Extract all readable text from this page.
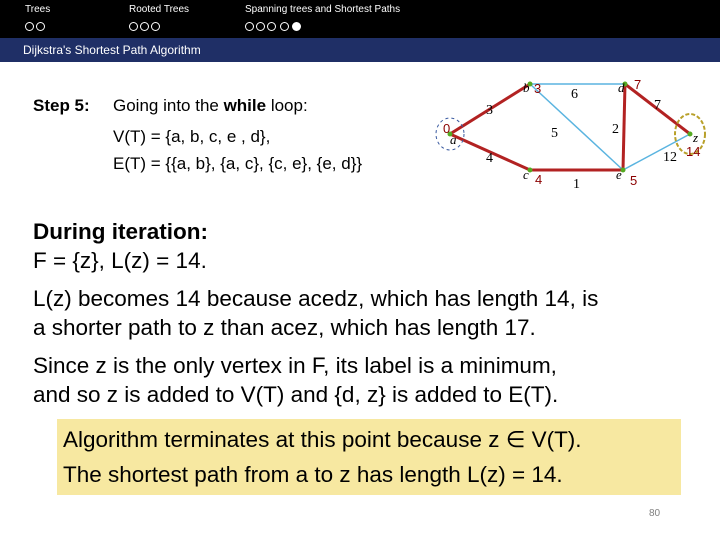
Trees	Rooted Trees	Spanning trees and Shortest Paths
Dijkstra's Shortest Path Algorithm
Step 5: Going into the while loop:
V(T) = {a, b, c, e , d},
E(T) = {{a, b}, {a, c}, {c, e}, {e, d}}
a
b
c
d
e
z
3
4
6
5
1
2
7
12
0
3
4
7
5
14
During iteration:
F = {z}, L(z) = 14.
L(z) becomes 14 because acedz, which has length 14, is
a shorter path to z than acez, which has length 17.
Since z is the only vertex in F, its label is a minimum,
and so z is added to V(T) and {d, z} is added to E(T).
Algorithm terminates at this point because z ∈ V(T).
The shortest path from a to z has length L(z) = 14.
80
